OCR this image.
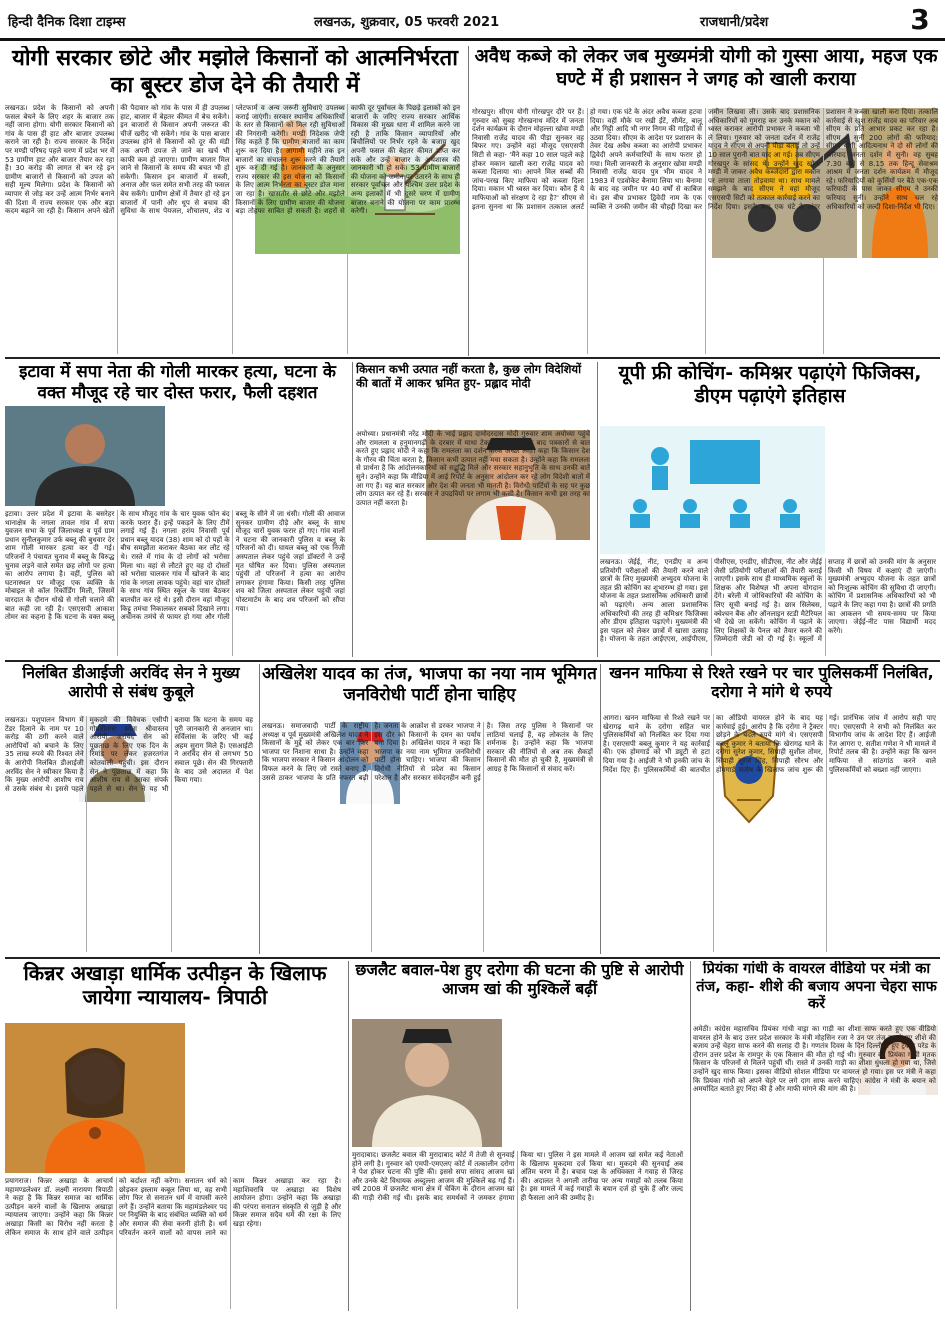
हिन्दी दैनिक दिशा टाइम्स	लखनऊ, शुक्रवार, 05 फरवरी 2021	राजधानी/प्रदेश	3
योगी सरकार छोटे और मझोले किसानों को आत्मनिर्भरता का बूस्टर डोज देने की तैयारी में
लखनऊ। प्रदेश के किसानों को अपनी फसल बेचने के लिए शहर के बाजार तक नहीं जाना होगा। योगी सरकार किसानों को गांव के पास ही हाट और बाजार उपलब्ध कराने जा रही है। राज्य सरकार के निर्देश पर मण्डी परिषद पहले चरण में प्रदेश भर में 53 ग्रामीण हाट और बाजार तैयार कर रहा है। 30 करोड़ की लागत से बन रहे इन ग्रामीण बाजारों से किसानों को उपज को सही मूल्य मिलेगा। प्रदेश के किसानों को व्यापार से जोड़ कर उन्हें आत्म निर्भर बनाने की दिशा में राज्य सरकार एक और बड़ा कदम बढ़ाने जा रही है। किसान अपने खेतों की पैदावार को गांव के पास में ही उपलब्ध हाट, बाजार में बेहतर कीमत में बेच सकेंगे। इन बाजारों से किसान अपनी जरूरत की चीजें खरीद भी सकेंगे। गांव के पास बाजार उपलब्ध होने से किसानों को दूर की मंडी तक अपनी उपज ले जाने का खर्च भी काफी कम हो जाएगा। ग्रामीण बाजार मिल जाने से किसानों के समय की बचत भी हो सकेगी। किसान इन बाजारों में सब्जी, अनाज और फल समेत सभी तरह की फसल बेच सकेंगे। ग्रामीण क्षेत्रों में तैयार हो रहे इन बाजारों में पानी और धूप से बचाव की सुविधा के साथ पेयजल, शौचालय, शेड व प्लेटफार्म व अन्य जरूरी सुविधाएं उपलब्ध कराई जाएंगी। सरकार स्थानीय अधिकारियों के स्तर से किसानों को मिल रही सुविधाओं की निगरानी करेगी। मण्डी निदेशक जेपी सिंह कहते हैं कि ग्रामीण बाजारों का काम शुरू कर दिया है। आगामी महीने तक इन बाजारों का संचालन शुरू करने की तैयारी शुरू कर दी गई है। जानकारों के अनुसार राज्य सरकार की इस योजना को किसानों के लिए आत्म निर्भरता का बूस्टर डोज माना जा रहा है। खासतौर से छोटे और मझोले किसानों के लिए ग्रामीण बाजार की योजना बड़ा तोहफा साबित हो सकती है। शहरों से काफी दूर पूर्वांचल के पिछड़े इलाकों को इन बाजारों के जरिए राज्य सरकार आर्थिक विकास की मुख्य धारा में शामिल करने जा रही है ताकि किसान व्यापारियों और बिचौलियों पर निर्भर रहने के बजाय खुद अपनी फसल की बेहतर कीमत प्राप्त कर सकें और उन्हें बाजार के अर्थशास्त्र की जानकारी भी हो सके। 53 ग्रामीण बाजारों की योजना को जमीन पर उतारने के साथ ही सरकार पूर्वांचल और पश्चिम उत्तर प्रदेश के अन्य इलाकों में भी दूसरे चरण में ग्रामीण बाजार बनाने की योजना पर काम प्रारम्भ करेगी।
अवैध कब्जे को लेकर जब मुख्यमंत्री योगी को गुस्सा आया, महज एक घण्टे में ही प्रशासन ने जगह को खाली कराया
गोरखपुर। सीएम योगी गोरखपुर दौरे पर हैं। गुरुवार को सुबह गोरखनाथ मंदिर में जनता दर्शन कार्यक्रम के दौरान मोहल्ला खोवा मण्डी निवासी राजेंद्र यादव की पीड़ा सुनकर वह बिफर गए। उन्होंने वहां मौजूद एसएसपी सिटी से कहा- 'मैंने कहा 10 साल पहले कहे होकर मकान खाली करा राजेंद्र यादव को कब्जा दिलाया था। आपने मिल सब्बों की जांच-परख किए माफिया को कब्जा दिला दिया। मकान भी ध्वस्त कर दिया। कौन हैं ये माफियाओं को संरक्षण दे रहा है?' सीएम से इतना सुनना था कि प्रशासन तत्काल अलर्ट हो गया। एक घंटे के अंदर अवैध कब्जा हटवा दिया। वहीं मौके पर रखी ईंटें, सीमेंट, बालू और गिट्टी आदि भी नगर निगम की गाड़ियों से उठवा दिया। सीएम के आदेश पर प्रशासन के तेवर देख अवैध कब्जा का आरोपी प्रभाकर द्विवेदी अपने कर्मचारियों के साथ फरार हो गया। मिली जानकारी के अनुसार खोवा मण्डी निवासी राजेंद्र यादव पुत्र भीम यादव ने 1983 में एडवोकेट बैनामा लिया था। बैनामा के बाद वह जमीन पर 40 वर्षों से काबिज थे। इस बीच प्रभाकर द्विवेदी नाम के एक व्यक्ति ने उनकी जमीन की चौहद्दी दिखा कर जमीन लिखवा ली। उसके बाद प्रशासनिक अधिकारियों को गुमराह कर उनके मकान को ध्वस्त कराकर आरोपी प्रभाकर ने कब्जा भी ले लिया। गुरुवार को जनता दर्शन में राजेंद्र यादव ने सीएम से अपनी पीड़ा बताई तो उन्हें 10 साल पुरानी बात याद आ गई। तब सीएम गोरखपुर के सांसद थे। उन्होंने खुद खोवा मण्डी में जाकर अवैध कब्जेदारों द्वारा मकान पर लगाया ताला तोड़वाया था। साथ मामले समझने के बाद सीएम ने वहां मौजूद एसएसपी सिटी को तत्काल कार्रवाई करने का निर्देश दिया। इसके बाद एक घंटे के अंदर प्रशासन ने कब्जा खाली करा दिया। तत्कालि कार्रवाई से खुश राजेंद्र यादव का परिवार अब सीएम के प्रति आभार प्रकट कर रहा है। सीएम ने सुनीं 200 लोगों की फरियाद: सीएम योगी आदित्यनाथ ने दो सौ लोगों की फरियाद जनता दर्शन में सुनी। वह सुबह 7.30 बजे से 8.15 तक हिन्दू सेवाश्रम आश्रम में जनता दर्शन कार्यक्रम में मौजूद रहे। फरियादियों को कुर्सियों पर बैठे एक-एक फरियादी के पास जाकर सीएम ने उनकी फरियाद सुनी। उन्होंने साथ चल रहे अधिकारियों को जल्दी दिशा-निर्देश भी दिए।
इटावा में सपा नेता की गोली मारकर हत्या, घटना के वक्त मौजूद रहे चार दोस्त फरार, फैली दहशत
इटावा। उत्तर प्रदेश में इटावा के बसरेहर थानाक्षेत्र के नगला तावल गांव में सपा युवजन सभा के पूर्व जिलाध्यक्ष व पूर्व ग्राम प्रधान सुनीलकुमार उर्फ बब्लू की बुधवार देर शाम गोली मारकर हत्या कर दी गई। परिजनों ने पंचायत चुनाव में बब्लू के विरुद्ध चुनाव लड़ने वाले समेत छह लोगों पर हत्या का आरोप लगाया है। वहीं, पुलिस को घटनास्थल पर मौजूद एक व्यक्ति के मोबाइल से कॉल रिकॉर्डिंग मिली, जिसमें वारदात के दौरान धोखे से गोली चलाने की बात कही जा रही है। एसएसपी आकाश तोमर का कहना है कि घटना के वक्त बब्लू के साथ मौजूद गांव के चार युवक फोन बंद करके फरार हैं। इन्हें पकड़ने के लिए टीमें लगाई गई हैं। नगला हरांय निवासी पूर्व प्रधान बब्लू यादव (38) शाम को दो पहों के बीच समझौता कराकर बैठका कर लौट रहे थे। रास्ते में गांव के दो लोगों को भरोसा मिला था। वहां से लौटते हुए वह दो दोस्तों को भरोसा चालकर गांव में खोजने के बाद गांव के नगला लावक पहुंचे। वहां चार दोस्तों के साथ गांव स्थित स्कूल के पास बैठकर बातचीत कर रहे थे। इसी दौरान वहां मौजूद किट्टू तमंचा निकालकर सबको दिखाने लगा। अचानक तमंचे से फायर हो गया और गोली बब्लू के सीने में जा धंसी। गोली की आवाज सुनकर ग्रामीण दौड़े और बब्लू के साथ मौजूद चारों युवक फरार हो गए। गांव वालों ने घटना की जानकारी पुलिस व बब्लू के परिजनों को दी। घायल बब्लू को एक निजी अस्पताल लेकर पहुंचे जहां डॉक्टरों ने उन्हें मृत घोषित कर दिया। पुलिस अस्पताल पहुंची तो परिजनों ने हत्या का आरोप लगाकर हंगामा किया। किसी तरह पुलिस शव को जिला अस्पताल लेकर पहुंची जहां पोस्टमार्टम के बाद शव परिजनों को सौंपा गया।
किसान कभी उत्पात नहीं करता है, कुछ लोग विदेशियों की बातों में आकर भ्रमित हुए- प्रह्लाद मोदी
अयोध्या। प्रधानमंत्री नरेंद्र मोदी के भाई प्रह्लाद दामोदरदास मोदी गुरुवार शाम अयोध्या पहुंचे और रामलला व हनुमानगढ़ी के दरबार में माथा टेका। दर्शन-पूजन के बाद पत्रकारों से बात करते हुए प्रह्लाद मोदी ने कहा कि रामलला का दर्शन करके अच्छा लगा। कहा कि किसान देश के गौरव की चिंता करता है, किसान कभी उत्पात नहीं मचा सकता है। उन्होंने कहा कि रामलला से प्रार्थना है कि आंदोलनकारियों को सद्बुद्धि मिले और सरकार सहानुभूति के साथ उनकी बातें सुने। उन्होंने कहा कि मीडिया में आई रिपोर्ट के अनुसार आंदोलन कर रहे लोग विदेशी बातों में आ गए हैं। यह बात सरकार और देश की जनता भी मानती है। विरोधी पार्टियों के सह पर कुछ लोग उत्पात कर रहे हैं। सरकार ने उपद्रवियों पर लगाम भी कसी है। किसान कभी इस तरह का उत्पात नहीं करता है।
यूपी फ्री कोचिंग- कमिश्नर पढ़ाएंगे फिजिक्स, डीएम पढ़ाएंगे इतिहास
लखनऊ। जेईई, नीट, एनडीए व अन्य प्रतियोगी परीक्षाओं की तैयारी करने वाले छात्रों के लिए मुख्यमंत्री अभ्युदय योजना के तहत फ्री कोचिंग का शुभारम्भ हो गया। इस योजना के तहत प्रशासनिक अधिकारी छात्रों को पढ़ाएंगे। अन्य आला प्रशासनिक अधिकारियों की तरह ही कमिश्नर फिजिक्स और डीएम इतिहास पढ़ाएंगे। मुख्यमंत्री की इस पहल को लेकर छात्रों में खासा उत्साह है। योजना के तहत आईएएस, आईपीएस, पीसीएस, एनडीए, सीडीएस, नीट और जेईई जैसी प्रतियोगी परीक्षाओं की तैयारी कराई जाएगी। इसके साथ ही माध्यमिक स्कूलों के शिक्षक और विशेषज्ञ भी अपना योगदान देंगे। बरेली में जोधिकारियों की कोचिंग के लिए सूची बनाई गई है। छात्र सिलेबस, क्वेश्चन बैंक और ऑनलाइन स्टडी मैटेरियल भी देखे जा सकेंगे। कोचिंग में पढ़ाने के लिए शिक्षकों के पैनल को तैयार करने की जिम्मेदारी जेडी को दी गई है। स्कूलों में सप्ताह में छात्रों को उनकी मांग के अनुसार किसी भी विषय में कक्षाएं दी जाएंगी। मुख्यमंत्री अभ्युदय योजना के तहत छात्रों को निःशुल्क कोचिंग की सुविधा दी जाएगी। कोचिंग में प्रशासनिक अधिकारियों को भी पढ़ाने के लिए कहा गया है। छात्रों की प्रगति का आकलन भी समय-समय पर किया जाएगा। जेईई-नीट पास विद्यार्थी मदद करेंगे।
निलंबित डीआईजी अरविंद सेन ने मुख्य आरोपी से संबंध कुबूले
लखनऊ। पशुपालन विभाग में टेंडर दिलाने के नाम पर 10 करोड़ की ठगी करने वाले आरोपियों को बचाने के लिए 35 लाख रुपये की रिश्वत लेने के आरोपी निलंबित डीआईजी अरविंद सेन ने स्वीकार किया है कि मुख्य आरोपी आशीष राय से उसके संबंध थे। इससे पहले मुकदमे की विवेचक एसीपी गोमतीनगर श्वेता श्रीवास्तव आरोपी अरविंद सेन को पूछताछ के लिए एक दिन के रिमांड पर लेकर हजरतगंज कोतवाली पहुंची। इस दौरान सेन ने पूछताछ में कहा कि आशीष राय से उसका संपर्क पहले से था। सेन ने यह भी बताया कि घटना के समय वह पूरी जानकारी से अनजान था। सर्विलांस के जरिए भी कई अहम सुराग मिले हैं। एसआईटी ने अरविंद सेन से लगभग 50 सवाल पूछे। सेन की गिरफ्तारी के बाद उसे अदालत में पेश किया गया।
अखिलेश यादव का तंज, भाजपा का नया नाम भूमिगत जनविरोधी पार्टी होना चाहिए
लखनऊ। समाजवादी पार्टी के राष्ट्रीय अध्यक्ष व पूर्व मुख्यमंत्री अखिलेश यादव ने किसानों के मुद्दे को लेकर एक बार फिर भाजपा पर निशाना साधा है। उन्होंने कहा कि भाजपा सरकार ने किसान आंदोलन को विफल करने के लिए जो रास्ते बनाए हैं, उससे ठाकर भाजपा के प्रति नफरत बढ़ी है। जनता के आक्रोश से डरकर भाजपा ने इस दौर को किसानों के दमन का पर्याय बना दिया है। अखिलेश यादव ने कहा कि भाजपा का नया नाम भूमिगत जनविरोधी पार्टी होना चाहिए। भाजपा की किसान विरोधी नीतियों से प्रदेश का किसान परेशान है और सरकार संवेदनहीन बनी हुई है। जिस तरह पुलिस ने किसानों पर लाठियां चलाई हैं, वह लोकतंत्र के लिए शर्मनाक है। उन्होंने कहा कि भाजपा सरकार की नीतियों से अब तक सैकड़ों किसानों की मौत हो चुकी है, मुख्यमंत्री से आग्रह है कि किसानों से संवाद करें।
खनन माफिया से रिश्ते रखने पर चार पुलिसकर्मी निलंबित, दरोगा ने मांगे थे रुपये
आगरा। खनन माफिया से रिश्ते रखने पर खेरागढ़ थाने के दरोगा सहित चार पुलिसकर्मियों को निलंबित कर दिया गया है। एसएसपी बबलू कुमार ने यह कार्रवाई की। एक होमगार्ड को भी ड्यूटी से हटा दिया गया है। आईजी ने भी इनकी जांच के निर्देश दिए हैं। पुलिसकर्मियों की बातचीत का ऑडियो वायरल होने के बाद यह कार्रवाई हुई। आरोप है कि दरोगा ने ट्रैक्टर छोड़ने के बदले रुपये मांगे थे। एसएसपी बबलू कुमार ने बताया कि खेरागढ़ थाने के दरोगा सुरेश कुमार, सिपाही सुशील तोमर, सिपाही सूरज सिंह, सिपाही सौरभ और होमगार्ड संतोष के खिलाफ जांच शुरू की गई। प्रारंभिक जांच में आरोप सही पाए गए। एसएसपी ने सभी को निलंबित कर विभागीय जांच के आदेश दिए हैं। आईजी रेंज आगरा ए. सतीश गणेश ने भी मामले में रिपोर्ट तलब की है। उन्होंने कहा कि खनन माफिया से सांठगांठ करने वाले पुलिसकर्मियों को बख्शा नहीं जाएगा।
किन्नर अखाड़ा धार्मिक उत्पीड़न के खिलाफ जायेगा न्यायालय- त्रिपाठी
प्रयागराज। किन्नर अखाड़ा के आचार्य महामण्डलेश्वर डॉ. लक्ष्मी नारायण त्रिपाठी ने कहा है कि किन्नर समाज का धार्मिक उत्पीड़न करने वालों के खिलाफ अखाड़ा न्यायालय जाएगा। उन्होंने कहा कि किन्नर अखाड़ा किसी का विरोध नहीं करता है लेकिन समाज के साथ होने वाले उत्पीड़न को बर्दाश्त नहीं करेगा। सनातन धर्म को छोड़कर इस्लाम कबूल लिया था, वह सभी लोग फिर से सनातन धर्म में वापसी करने लगे हैं। उन्होंने बताया कि महामंडलेश्वर पद पर नियुक्ति के बाद संबंधित व्यक्ति को धर्म और समाज की सेवा करनी होती है। धर्म परिवर्तन करने वालों को वापस लाने का काम किन्नर अखाड़ा कर रहा है। महाशिवरात्रि पर अखाड़ा का विशेष आयोजन होगा। उन्होंने कहा कि अखाड़ा की परंपरा सनातन संस्कृति से जुड़ी है और किन्नर समाज सदैव धर्म की रक्षा के लिए खड़ा रहेगा।
छजलैट बवाल-पेश हुए दरोगा की घटना की पुष्टि से आरोपी आजम खां की मुश्किलें बढ़ीं
मुरादाबाद। छजलैट बवाल की मुरादाबाद कोर्ट में तेजी से सुनवाई होने लगी है। गुरुवार को एमपी-एमएलए कोर्ट में तत्कालीन दरोगा ने पेश होकर घटना की पुष्टि की। इससे सपा सांसद आजम खां और उनके बेटे विधायक अब्दुल्ला आजम की मुश्किलें बढ़ गई हैं। वर्ष 2008 में छजलैट थाना क्षेत्र में चेकिंग के दौरान आजम खां की गाड़ी रोकी गई थी। इसके बाद समर्थकों ने जमकर हंगामा किया था। पुलिस ने इस मामले में आजम खां समेत कई नेताओं के खिलाफ मुकदमा दर्ज किया था। मुकदमे की सुनवाई अब अंतिम चरण में है। बचाव पक्ष के अधिवक्ता ने गवाह से जिरह की। अदालत ने अगली तारीख पर अन्य गवाहों को तलब किया है। इस मामले में कई गवाहों के बयान दर्ज हो चुके हैं और जल्द ही फैसला आने की उम्मीद है।
प्रियंका गांधी के वायरल वीडियो पर मंत्री का तंज, कहा- शीशे की बजाय अपना चेहरा साफ करें
अमेठी। कांग्रेस महासचिव प्रियंका गांधी वाड्रा का गाड़ी का शीशा साफ करते हुए एक वीडियो वायरल होने के बाद उत्तर प्रदेश सरकार के मंत्री मोहसिन रजा ने उन पर तंज कसते हुए शीशे की बजाय उन्हें चेहरा साफ करने की सलाह दी है। गणतंत्र दिवस के दिन दिल्ली में हुए ट्रैक्टर परेड के दौरान उत्तर प्रदेश के रामपुर के एक किसान की मौत हो गई थी। गुरुवार को प्रियंका गांधी मृतक किसान के परिजनों से मिलने पहुंचीं थीं। रास्ते में उनकी गाड़ी का शीशा धुंधला हो गया था, जिसे उन्होंने खुद साफ किया। इसका वीडियो सोशल मीडिया पर वायरल हो गया। इस पर मंत्री ने कहा कि प्रियंका गांधी को अपने चेहरे पर लगे दाग साफ करने चाहिए। कांग्रेस ने मंत्री के बयान को अमर्यादित बताते हुए निंदा की है और माफी मांगने की मांग की है।
